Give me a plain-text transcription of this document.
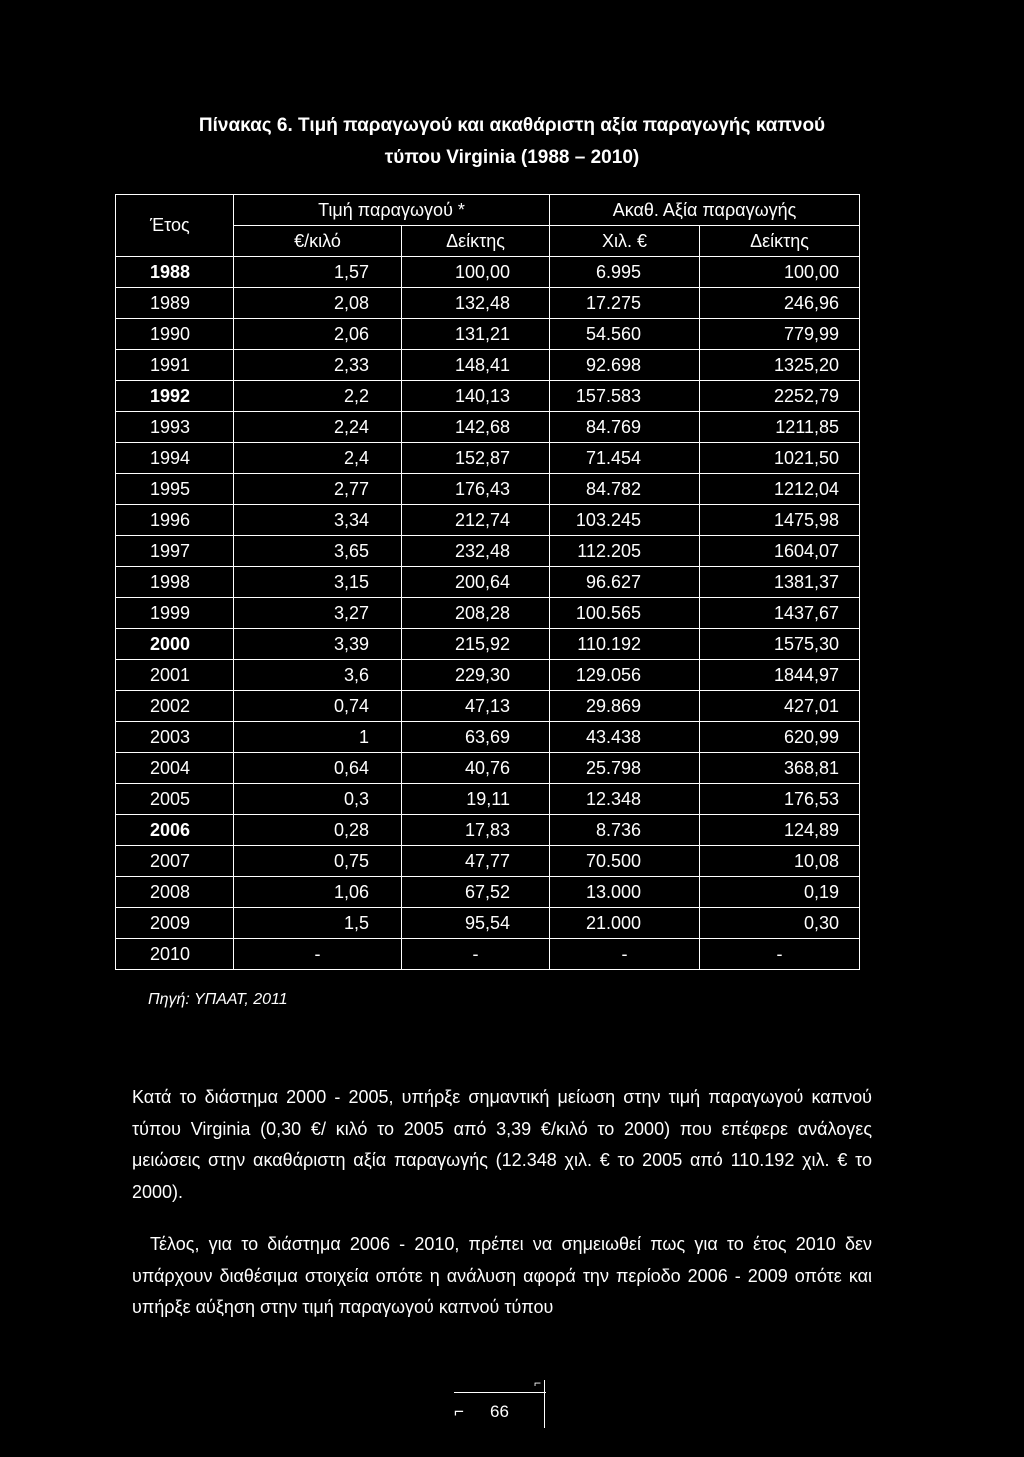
Πίνακας 6. Τιμή παραγωγού και ακαθάριστη αξία παραγωγής καπνού
τύπου Virginia (1988 – 2010)
Έτος	Τιμή παραγωγού *		Ακαθ. Αξία παραγωγής	
	€/κιλό	Δείκτης	Χιλ. €	Δείκτης
1988	1,57	100,00	6.995	100,00
1989	2,08	132,48	17.275	246,96
1990	2,06	131,21	54.560	779,99
1991	2,33	148,41	92.698	1325,20
1992	2,2	140,13	157.583	2252,79
1993	2,24	142,68	84.769	1211,85
1994	2,4	152,87	71.454	1021,50
1995	2,77	176,43	84.782	1212,04
1996	3,34	212,74	103.245	1475,98
1997	3,65	232,48	112.205	1604,07
1998	3,15	200,64	96.627	1381,37
1999	3,27	208,28	100.565	1437,67
2000	3,39	215,92	110.192	1575,30
2001	3,6	229,30	129.056	1844,97
2002	0,74	47,13	29.869	427,01
2003	1	63,69	43.438	620,99
2004	0,64	40,76	25.798	368,81
2005	0,3	19,11	12.348	176,53
2006	0,28	17,83	8.736	124,89
2007	0,75	47,77	70.500	10,08
2008	1,06	67,52	13.000	0,19
2009	1,5	95,54	21.000	0,30
2010	-	-	-	-
Πηγή: ΥΠΑΑΤ, 2011
Κατά το διάστημα 2000 - 2005, υπήρξε σημαντική μείωση στην τιμή παραγωγού καπνού τύπου Virginia (0,30 €/ κιλό το 2005 από 3,39 €/κιλό το 2000) που επέφερε ανάλογες μειώσεις στην ακαθάριστη αξία παραγωγής (12.348 χιλ. € το 2005 από 110.192 χιλ. € το 2000).
Τέλος, για το διάστημα 2006 - 2010, πρέπει να σημειωθεί πως για το έτος 2010 δεν υπάρχουν διαθέσιμα στοιχεία οπότε η ανάλυση αφορά την περίοδο 2006 - 2009 οπότε και υπήρξε αύξηση στην τιμή παραγωγού καπνού τύπου
⌐
⌐
66
